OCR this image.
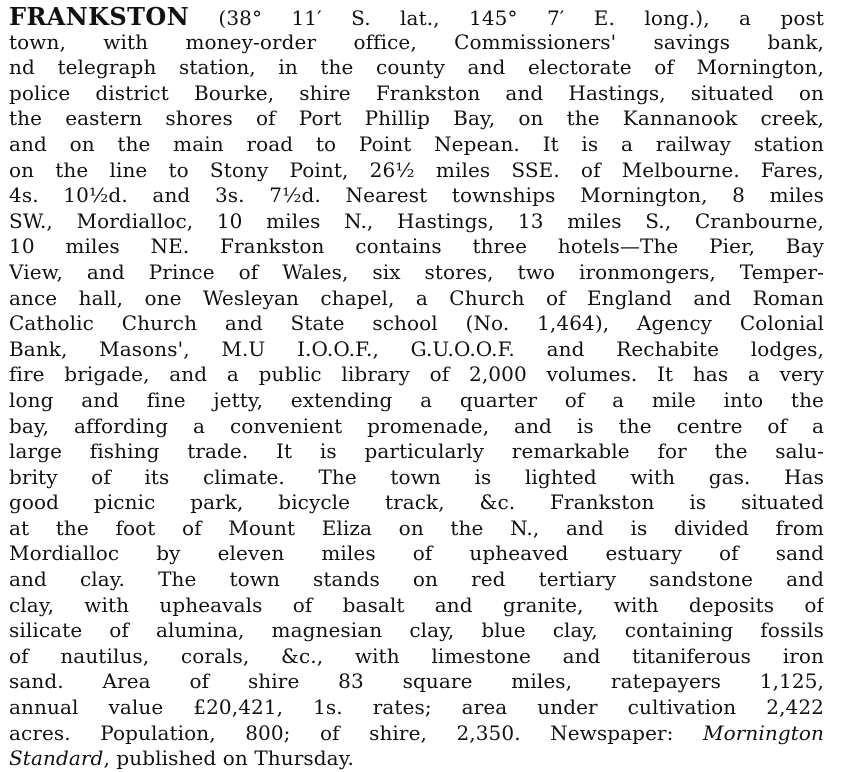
FRANKSTON (38° 11′ S. lat., 145° 7′ E. long.), a post
town, with money-order office, Commissioners' savings bank,
nd telegraph station, in the county and electorate of Mornington,
police district Bourke, shire Frankston and Hastings, situated on
the eastern shores of Port Phillip Bay, on the Kannanook creek,
and on the main road to Point Nepean. It is a railway station
on the line to Stony Point, 26½ miles SSE. of Melbourne. Fares,
4s. 10½d. and 3s. 7½d. Nearest townships Mornington, 8 miles
SW., Mordialloc, 10 miles N., Hastings, 13 miles S., Cranbourne,
10 miles NE. Frankston contains three hotels—The Pier, Bay
View, and Prince of Wales, six stores, two ironmongers, Temper-
ance hall, one Wesleyan chapel, a Church of England and Roman
Catholic Church and State school (No. 1,464), Agency Colonial
Bank, Masons', M.U I.O.O.F., G.U.O.O.F. and Rechabite lodges,
fire brigade, and a public library of 2,000 volumes. It has a very
long and fine jetty, extending a quarter of a mile into the
bay, affording a convenient promenade, and is the centre of a
large fishing trade. It is particularly remarkable for the salu-
brity of its climate. The town is lighted with gas. Has
good picnic park, bicycle track, &c. Frankston is situated
at the foot of Mount Eliza on the N., and is divided from
Mordialloc by eleven miles of upheaved estuary of sand
and clay. The town stands on red tertiary sandstone and
clay, with upheavals of basalt and granite, with deposits of
silicate of alumina, magnesian clay, blue clay, containing fossils
of nautilus, corals, &c., with limestone and titaniferous iron
sand. Area of shire 83 square miles, ratepayers 1,125,
annual value £20,421, 1s. rates; area under cultivation 2,422
acres. Population, 800; of shire, 2,350. Newspaper: Mornington
Standard, published on Thursday.
